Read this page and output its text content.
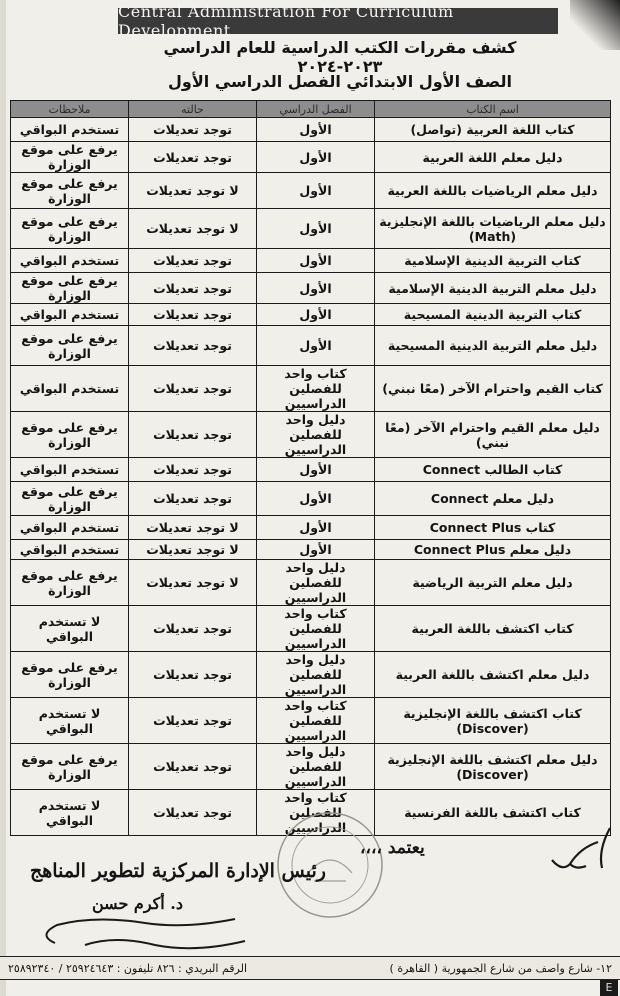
Central Administration For Curriculum Development
كشف مقررات الكتب الدراسية للعام الدراسي ٢٠٢٣-٢٠٢٤
الصف الأول الابتدائي الفصل الدراسي الأول
اسم الكتاب	الفصل الدراسي	حالته	ملاحظات
كتاب اللغة العربية (تواصل)	الأول	توجد تعديلات	تستخدم البواقي
دليل معلم اللغة العربية	الأول	توجد تعديلات	يرفع على موقع الوزارة
دليل معلم الرياضيات باللغة العربية	الأول	لا توجد تعديلات	يرفع على موقع الوزارة
دليل معلم الرياضيات باللغة الإنجليزية (Math)	الأول	لا توجد تعديلات	يرفع على موقع الوزارة
كتاب التربية الدينية الإسلامية	الأول	توجد تعديلات	تستخدم البواقي
دليل معلم التربية الدينية الإسلامية	الأول	توجد تعديلات	يرفع على موقع الوزارة
كتاب التربية الدينية المسيحية	الأول	توجد تعديلات	تستخدم البواقي
دليل معلم التربية الدينية المسيحية	الأول	توجد تعديلات	يرفع على موقع الوزارة
كتاب القيم واحترام الآخر (معًا نبني)	كتاب واحد للفصلين الدراسيين	توجد تعديلات	تستخدم البواقي
دليل معلم القيم واحترام الآخر (معًا نبني)	دليل واحد للفصلين الدراسيين	توجد تعديلات	يرفع على موقع الوزارة
كتاب الطالب Connect	الأول	توجد تعديلات	تستخدم البواقي
دليل معلم Connect	الأول	توجد تعديلات	يرفع على موقع الوزارة
كتاب Connect Plus	الأول	لا توجد تعديلات	تستخدم البواقي
دليل معلم Connect Plus	الأول	لا توجد تعديلات	تستخدم البواقي
دليل معلم التربية الرياضية	دليل واحد للفصلين الدراسيين	لا توجد تعديلات	يرفع على موقع الوزارة
كتاب اكتشف باللغة العربية	كتاب واحد للفصلين الدراسيين	توجد تعديلات	لا تستخدم البواقي
دليل معلم اكتشف باللغة العربية	دليل واحد للفصلين الدراسيين	توجد تعديلات	يرفع على موقع الوزارة
كتاب اكتشف باللغة الإنجليزية (Discover)	كتاب واحد للفصلين الدراسيين	توجد تعديلات	لا تستخدم البواقي
دليل معلم اكتشف باللغة الإنجليزية (Discover)	دليل واحد للفصلين الدراسيين	توجد تعديلات	يرفع على موقع الوزارة
كتاب اكتشف باللغة الفرنسية	كتاب واحد للفصلين الدراسيين	توجد تعديلات	لا تستخدم البواقي
يعتمد ،،،،
رئيس الإدارة المركزية لتطوير المناهج
د. أكرم حسن
١٢- شارع واصف من شارع الجمهورية ( القاهرة )
الرقم البريدي : ٨٢٦ تليفون : ٢٥٩٢٤٦٤٣ / ٢٥٨٩٢٣٤٠
E
